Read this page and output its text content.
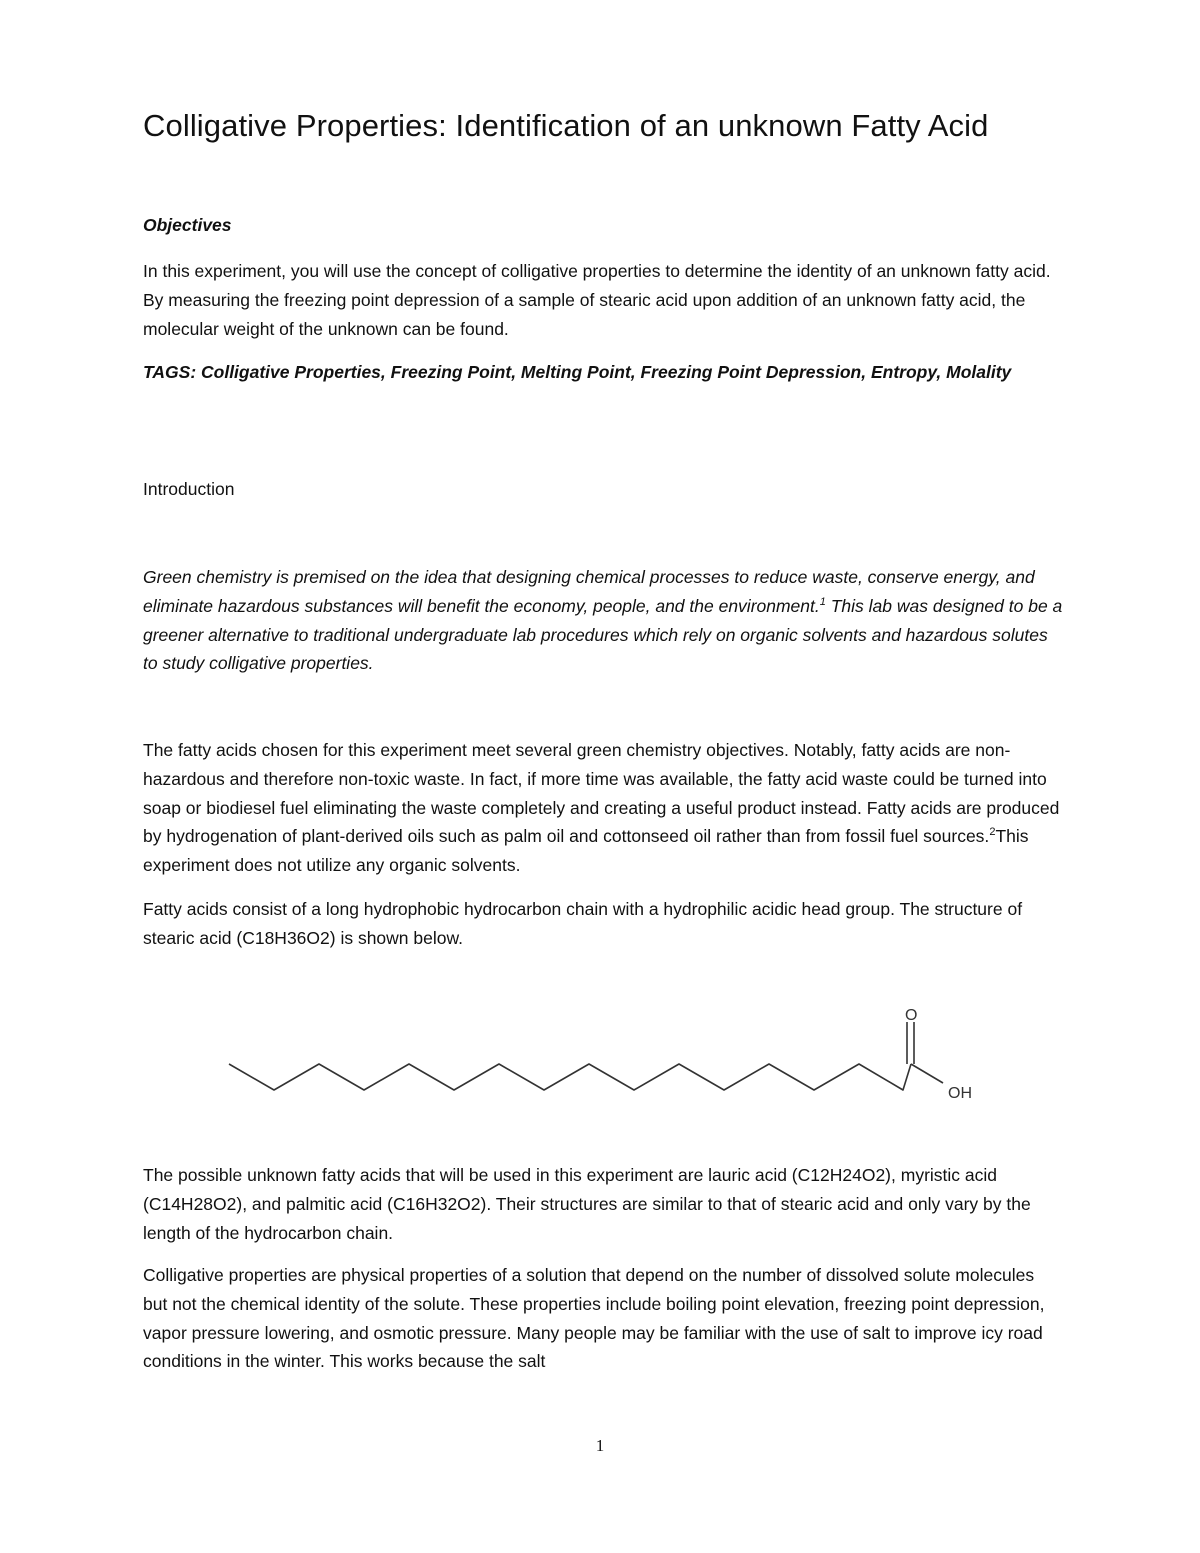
Colligative Properties: Identification of an unknown Fatty Acid

Objectives

In this experiment, you will use the concept of colligative properties to determine the identity of an unknown fatty acid. By measuring the freezing point depression of a sample of stearic acid upon addition of an unknown fatty acid, the molecular weight of the unknown can be found.

TAGS: Colligative Properties, Freezing Point, Melting Point, Freezing Point Depression, Entropy, Molality

Introduction

Green chemistry is premised on the idea that designing chemical processes to reduce waste, conserve energy, and eliminate hazardous substances will benefit the economy, people, and the environment.$^1$ This lab was designed to be a greener alternative to traditional undergraduate lab procedures which rely on organic solvents and hazardous solutes to study colligative properties.

The fatty acids chosen for this experiment meet several green chemistry objectives. Notably, fatty acids are non-hazardous and therefore non-toxic waste. In fact, if more time was available, the fatty acid waste could be turned into soap or biodiesel fuel eliminating the waste completely and creating a useful product instead. Fatty acids are produced by hydrogenation of plant-derived oils such as palm oil and cottonseed oil rather than from fossil fuel sources.$^2$This experiment does not utilize any organic solvents.

Fatty acids consist of a long hydrophobic hydrocarbon chain with a hydrophilic acidic head group. The structure of stearic acid (C18H36O2) is shown below.

O
OH

The possible unknown fatty acids that will be used in this experiment are lauric acid (C12H24O2), myristic acid (C14H28O2), and palmitic acid (C16H32O2). Their structures are similar to that of stearic acid and only vary by the length of the hydrocarbon chain.

Colligative properties are physical properties of a solution that depend on the number of dissolved solute molecules but not the chemical identity of the solute. These properties include boiling point elevation, freezing point depression, vapor pressure lowering, and osmotic pressure. Many people may be familiar with the use of salt to improve icy road conditions in the winter. This works because the salt

1
